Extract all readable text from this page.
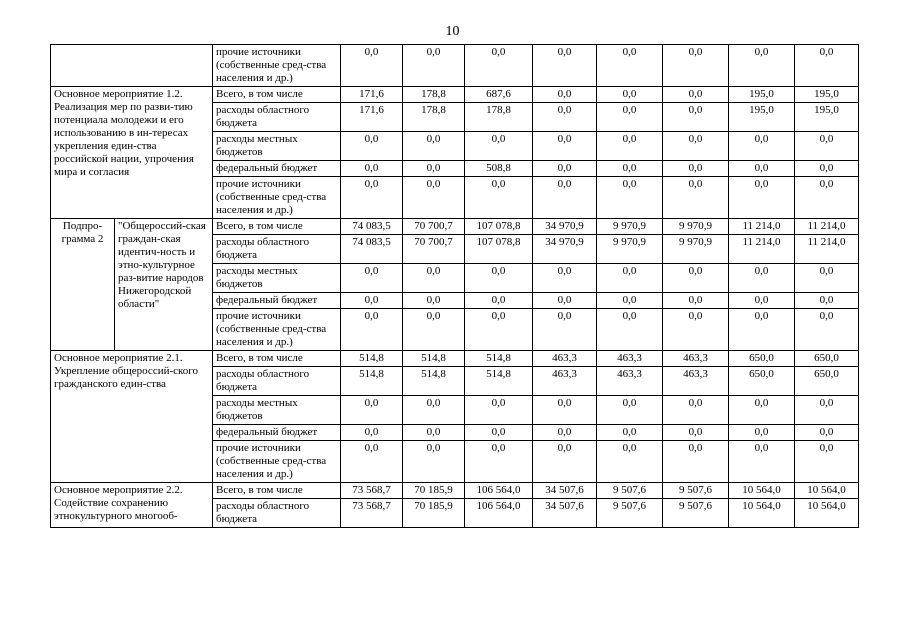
10
		прочие источники (собственные сред-ства населения и др.)	0,0	0,0	0,0	0,0	0,0	0,0	0,0	0,0
Основное мероприятие 1.2. Реализация мер по разви-тию потенциала молодежи и его использованию в ин-тересах укрепления един-ства российской нации, упрочения мира и согласия		Всего, в том числе	171,6	178,8	687,6	0,0	0,0	0,0	195,0	195,0
		расходы областного бюджета	171,6	178,8	178,8	0,0	0,0	0,0	195,0	195,0
		расходы местных бюджетов	0,0	0,0	0,0	0,0	0,0	0,0	0,0	0,0
		федеральный бюджет	0,0	0,0	508,8	0,0	0,0	0,0	0,0	0,0
		прочие источники (собственные сред-ства населения и др.)	0,0	0,0	0,0	0,0	0,0	0,0	0,0	0,0
Подпро-грамма 2	"Общероссий-ская граждан-ская идентич-ность и этно-культурное раз-витие народов Нижегородской области"	Всего, в том числе	74 083,5	70 700,7	107 078,8	34 970,9	9 970,9	9 970,9	11 214,0	11 214,0
		расходы областного бюджета	74 083,5	70 700,7	107 078,8	34 970,9	9 970,9	9 970,9	11 214,0	11 214,0
		расходы местных бюджетов	0,0	0,0	0,0	0,0	0,0	0,0	0,0	0,0
		федеральный бюджет	0,0	0,0	0,0	0,0	0,0	0,0	0,0	0,0
		прочие источники (собственные сред-ства населения и др.)	0,0	0,0	0,0	0,0	0,0	0,0	0,0	0,0
Основное мероприятие 2.1. Укрепление общероссий-ского гражданского един-ства		Всего, в том числе	514,8	514,8	514,8	463,3	463,3	463,3	650,0	650,0
		расходы областного бюджета	514,8	514,8	514,8	463,3	463,3	463,3	650,0	650,0
		расходы местных бюджетов	0,0	0,0	0,0	0,0	0,0	0,0	0,0	0,0
		федеральный бюджет	0,0	0,0	0,0	0,0	0,0	0,0	0,0	0,0
		прочие источники (собственные сред-ства населения и др.)	0,0	0,0	0,0	0,0	0,0	0,0	0,0	0,0
Основное мероприятие 2.2. Содействие сохранению этнокультурного многооб-		Всего, в том числе	73 568,7	70 185,9	106 564,0	34 507,6	9 507,6	9 507,6	10 564,0	10 564,0
		расходы областного бюджета	73 568,7	70 185,9	106 564,0	34 507,6	9 507,6	9 507,6	10 564,0	10 564,0
